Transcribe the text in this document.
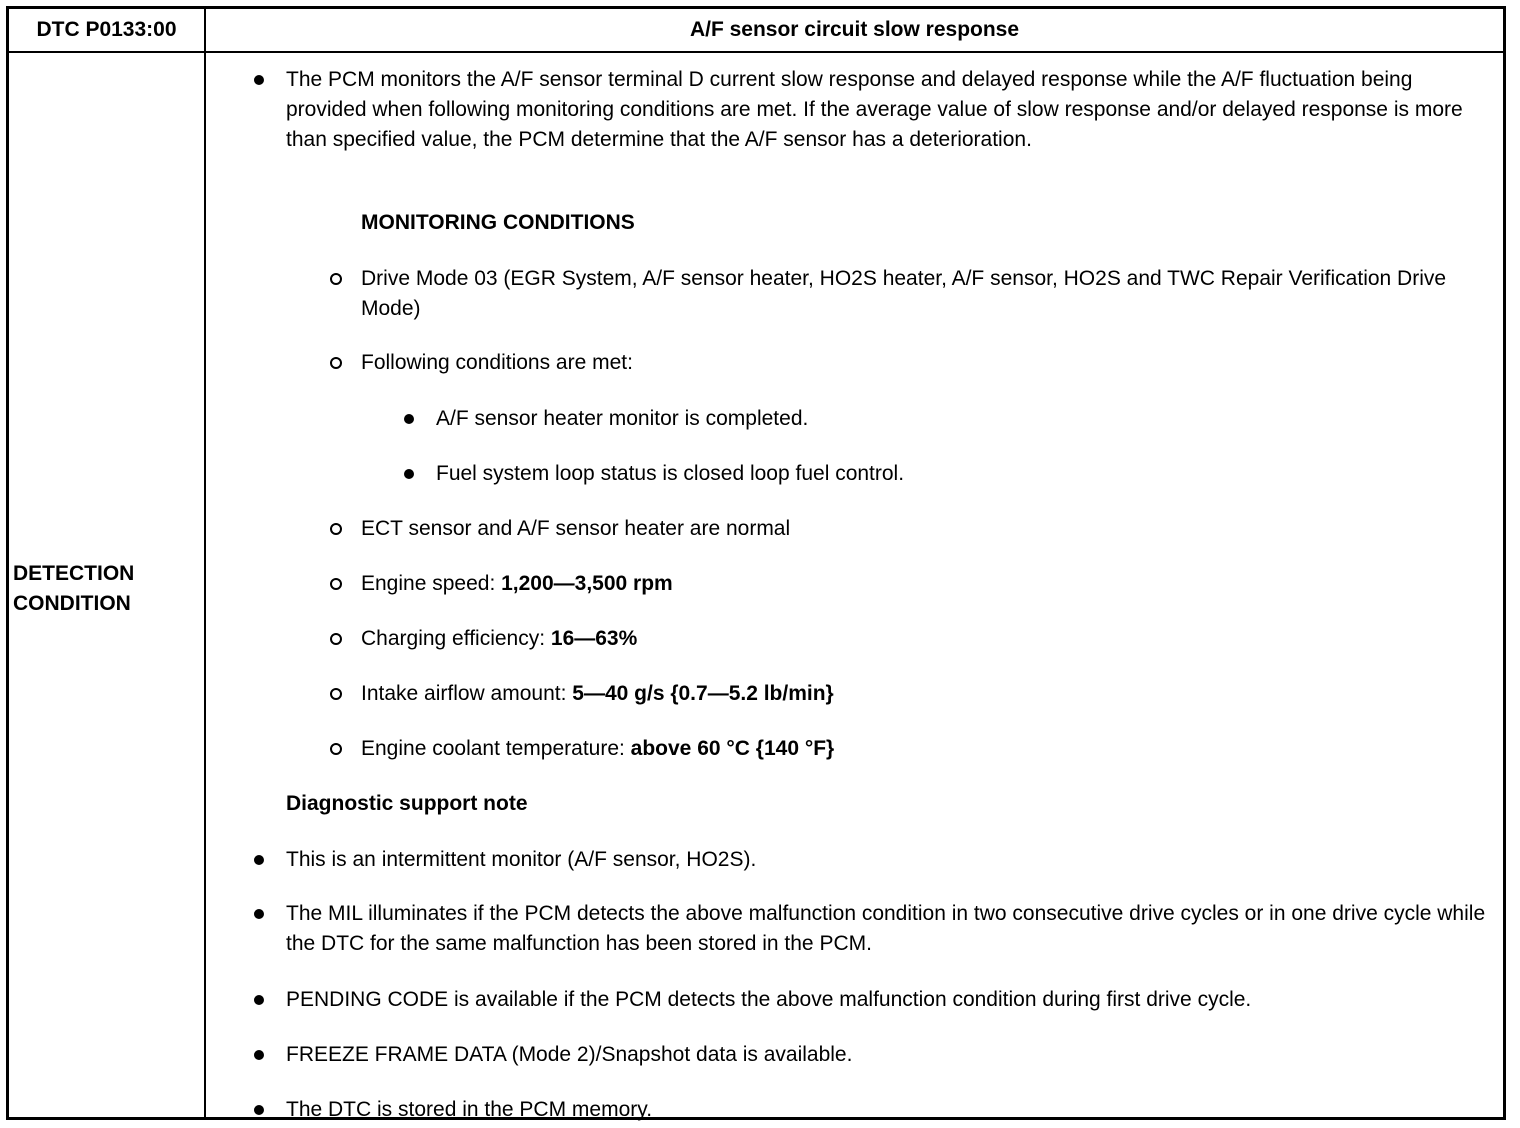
DTC P0133:00	A/F sensor circuit slow response
DETECTION
CONDITION
The PCM monitors the A/F sensor terminal D current slow response and delayed response while the A/F fluctuation being provided when following monitoring conditions are met. If the average value of slow response and/or delayed response is more than specified value, the PCM determine that the A/F sensor has a deterioration.
MONITORING CONDITIONS
Drive Mode 03 (EGR System, A/F sensor heater, HO2S heater, A/F sensor, HO2S and TWC Repair Verification Drive Mode)
Following conditions are met:
A/F sensor heater monitor is completed.
Fuel system loop status is closed loop fuel control.
ECT sensor and A/F sensor heater are normal
Engine speed: 1,200—3,500 rpm
Charging efficiency: 16—63%
Intake airflow amount: 5—40 g/s {0.7—5.2 lb/min}
Engine coolant temperature: above 60 °C {140 °F}
Diagnostic support note
This is an intermittent monitor (A/F sensor, HO2S).
The MIL illuminates if the PCM detects the above malfunction condition in two consecutive drive cycles or in one drive cycle while the DTC for the same malfunction has been stored in the PCM.
PENDING CODE is available if the PCM detects the above malfunction condition during first drive cycle.
FREEZE FRAME DATA (Mode 2)/Snapshot data is available.
The DTC is stored in the PCM memory.
